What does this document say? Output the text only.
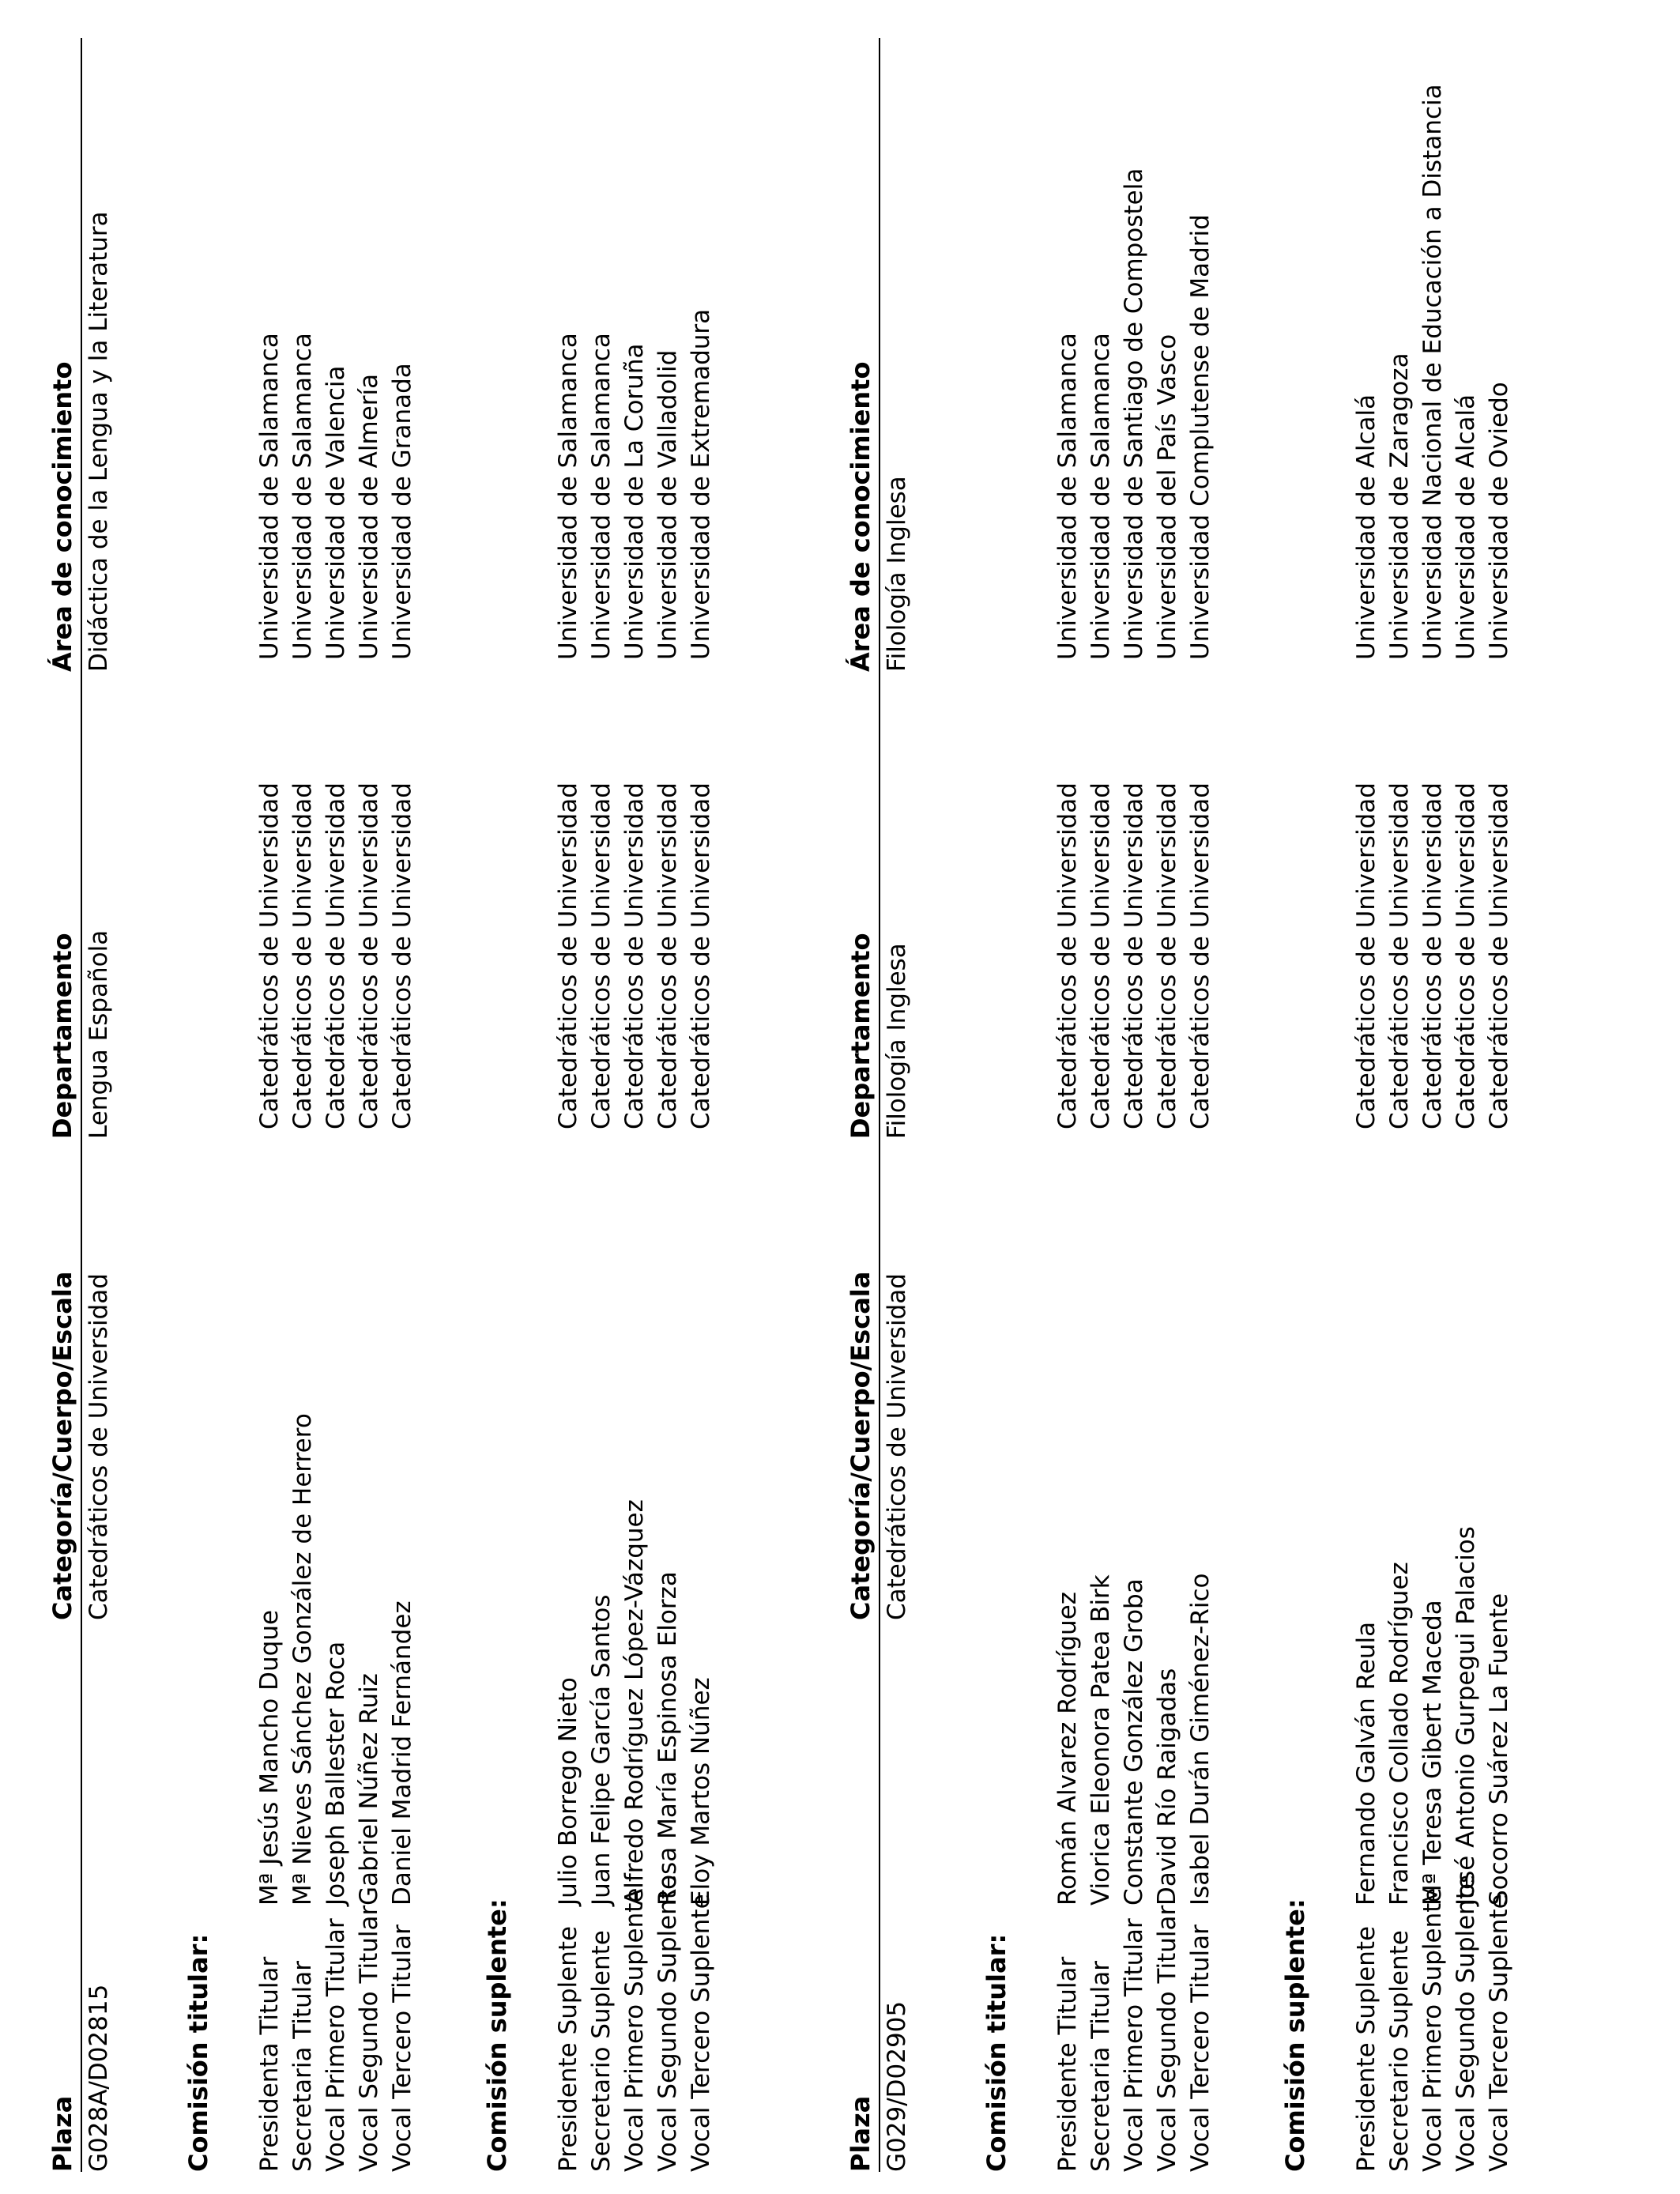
Plaza
Categoría/Cuerpo/Escala
Departamento
Área de conocimiento
G028A/D02815
Catedráticos de Universidad
Lengua Española
Didáctica de la Lengua y la Literatura
Comisión titular: Presidenta Titular
Mª Jesús Mancho Duque
Catedráticos de Universidad
Universidad de Salamanca
Secretaria Titular
Mª Nieves Sánchez González de Herrero
Catedráticos de Universidad
Universidad de Salamanca
Vocal Primero Titular
Joseph Ballester Roca
Catedráticos de Universidad
Universidad de Valencia
Vocal Segundo Titular
Gabriel Núñez Ruiz
Catedráticos de Universidad
Universidad de Almería
Vocal Tercero Titular
Daniel Madrid Fernández
Catedráticos de Universidad
Universidad de Granada
Comisión suplente: Presidente Suplente
Julio Borrego Nieto
Catedráticos de Universidad
Universidad de Salamanca
Secretario Suplente
Juan Felipe García Santos
Catedráticos de Universidad
Universidad de Salamanca
Vocal Primero Suplente
Alfredo Rodríguez López-Vázquez
Catedráticos de Universidad
Universidad de La Coruña
Vocal Segundo Suplente
Rosa María Espinosa Elorza
Catedráticos de Universidad
Universidad de Valladolid
Vocal Tercero Suplente
Eloy Martos Núñez
Catedráticos de Universidad
Universidad de Extremadura
Plaza
Categoría/Cuerpo/Escala
Departamento
Área de conocimiento
G029/D02905
Catedráticos de Universidad
Filología Inglesa
Filología Inglesa
Comisión titular: Presidente Titular
Román Alvarez Rodríguez
Catedráticos de Universidad
Universidad de Salamanca
Secretaria Titular
Viorica Eleonora Patea Birk
Catedráticos de Universidad
Universidad de Salamanca
Vocal Primero Titular
Constante González Groba
Catedráticos de Universidad
Universidad de Santiago de Compostela
Vocal Segundo Titular
David Río Raigadas
Catedráticos de Universidad
Universidad del País Vasco
Vocal Tercero Titular
Isabel Durán Giménez-Rico
Catedráticos de Universidad
Universidad Complutense de Madrid
Comisión suplente: Presidente Suplente
Fernando Galván Reula
Catedráticos de Universidad
Universidad de Alcalá
Secretario Suplente
Francisco Collado Rodríguez
Catedráticos de Universidad
Universidad de Zaragoza
Vocal Primero Suplente
Mª Teresa Gibert Maceda
Catedráticos de Universidad
Universidad Nacional de Educación a Distancia
Vocal Segundo Suplente
José Antonio Gurpegui Palacios
Catedráticos de Universidad
Universidad de Alcalá
Vocal Tercero Suplente
Socorro Suárez La Fuente
Catedráticos de Universidad
Universidad de Oviedo
